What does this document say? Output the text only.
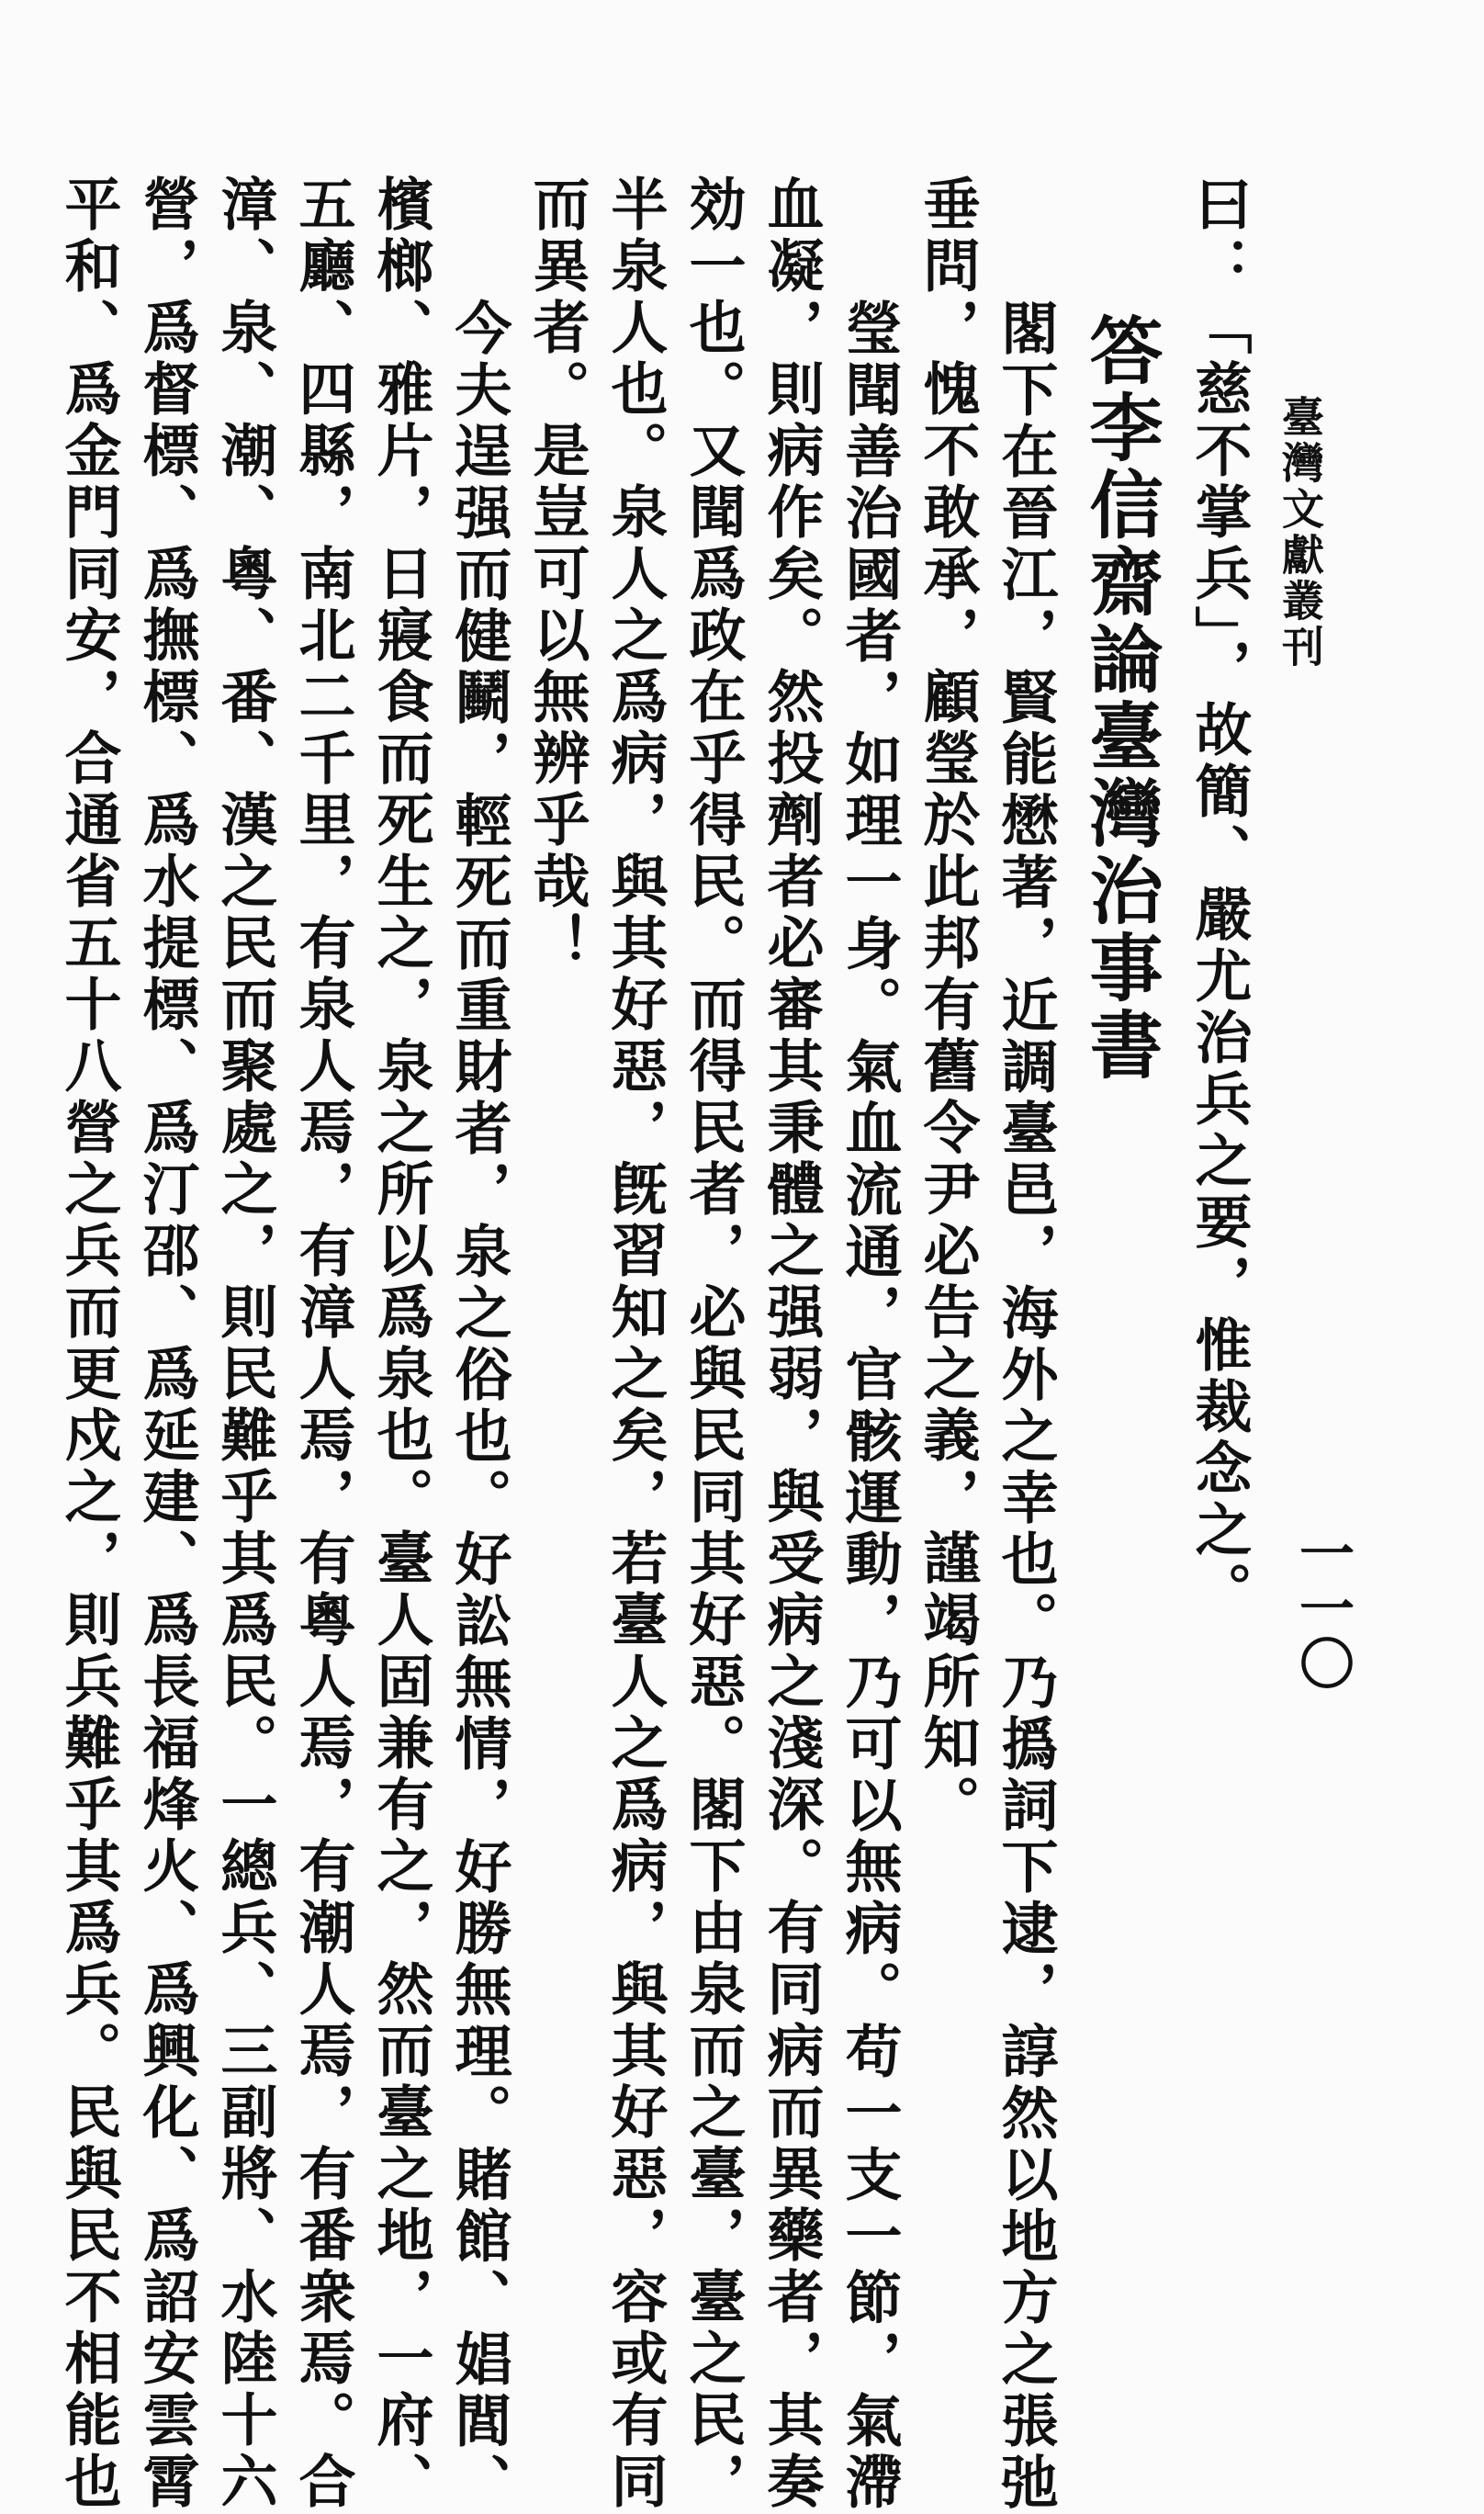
臺灣文獻叢刊
一一〇
曰：「慈不掌兵」，故簡、嚴尤治兵之要，惟裁念之。
答李信齋論臺灣治事書
閣下在晉江，賢能懋著，近調臺邑，海外之幸也。乃撝詞下逮，諄然以地方之張弛
垂問，愧不敢承，顧瑩於此邦有舊令尹必告之義，謹竭所知。
瑩聞善治國者，如理一身。氣血流通，官骸運動，乃可以無病。苟一支一節，氣滯
血凝，則病作矣。然投劑者必審其秉體之强弱，與受病之淺深。有同病而異藥者，其奏
効一也。又聞爲政在乎得民。而得民者，必與民同其好惡。閣下由泉而之臺，臺之民，
半泉人也。泉人之爲病，與其好惡，旣習知之矣，若臺人之爲病，與其好惡，容或有同
而異者。是豈可以無辨乎哉！
今夫逞强而健鬭，輕死而重財者，泉之俗也。好訟無情，好勝無理。賭館、娼閭、
檳榔、雅片，日寢食而死生之，泉之所以爲泉也。臺人固兼有之，然而臺之地，一府、
五廳、四縣，南北二千里，有泉人焉，有漳人焉，有粵人焉，有潮人焉，有番衆焉。合
漳、泉、潮、粵、番、漢之民而聚處之，則民難乎其爲民。一總兵、三副將、水陸十六
營，爲督標、爲撫標、爲水提標、爲汀邵、爲延建、爲長福烽火、爲興化、爲詔安雲霄
平和、爲金門同安，合通省五十八營之兵而更戍之，則兵難乎其爲兵。民與民不相能也
